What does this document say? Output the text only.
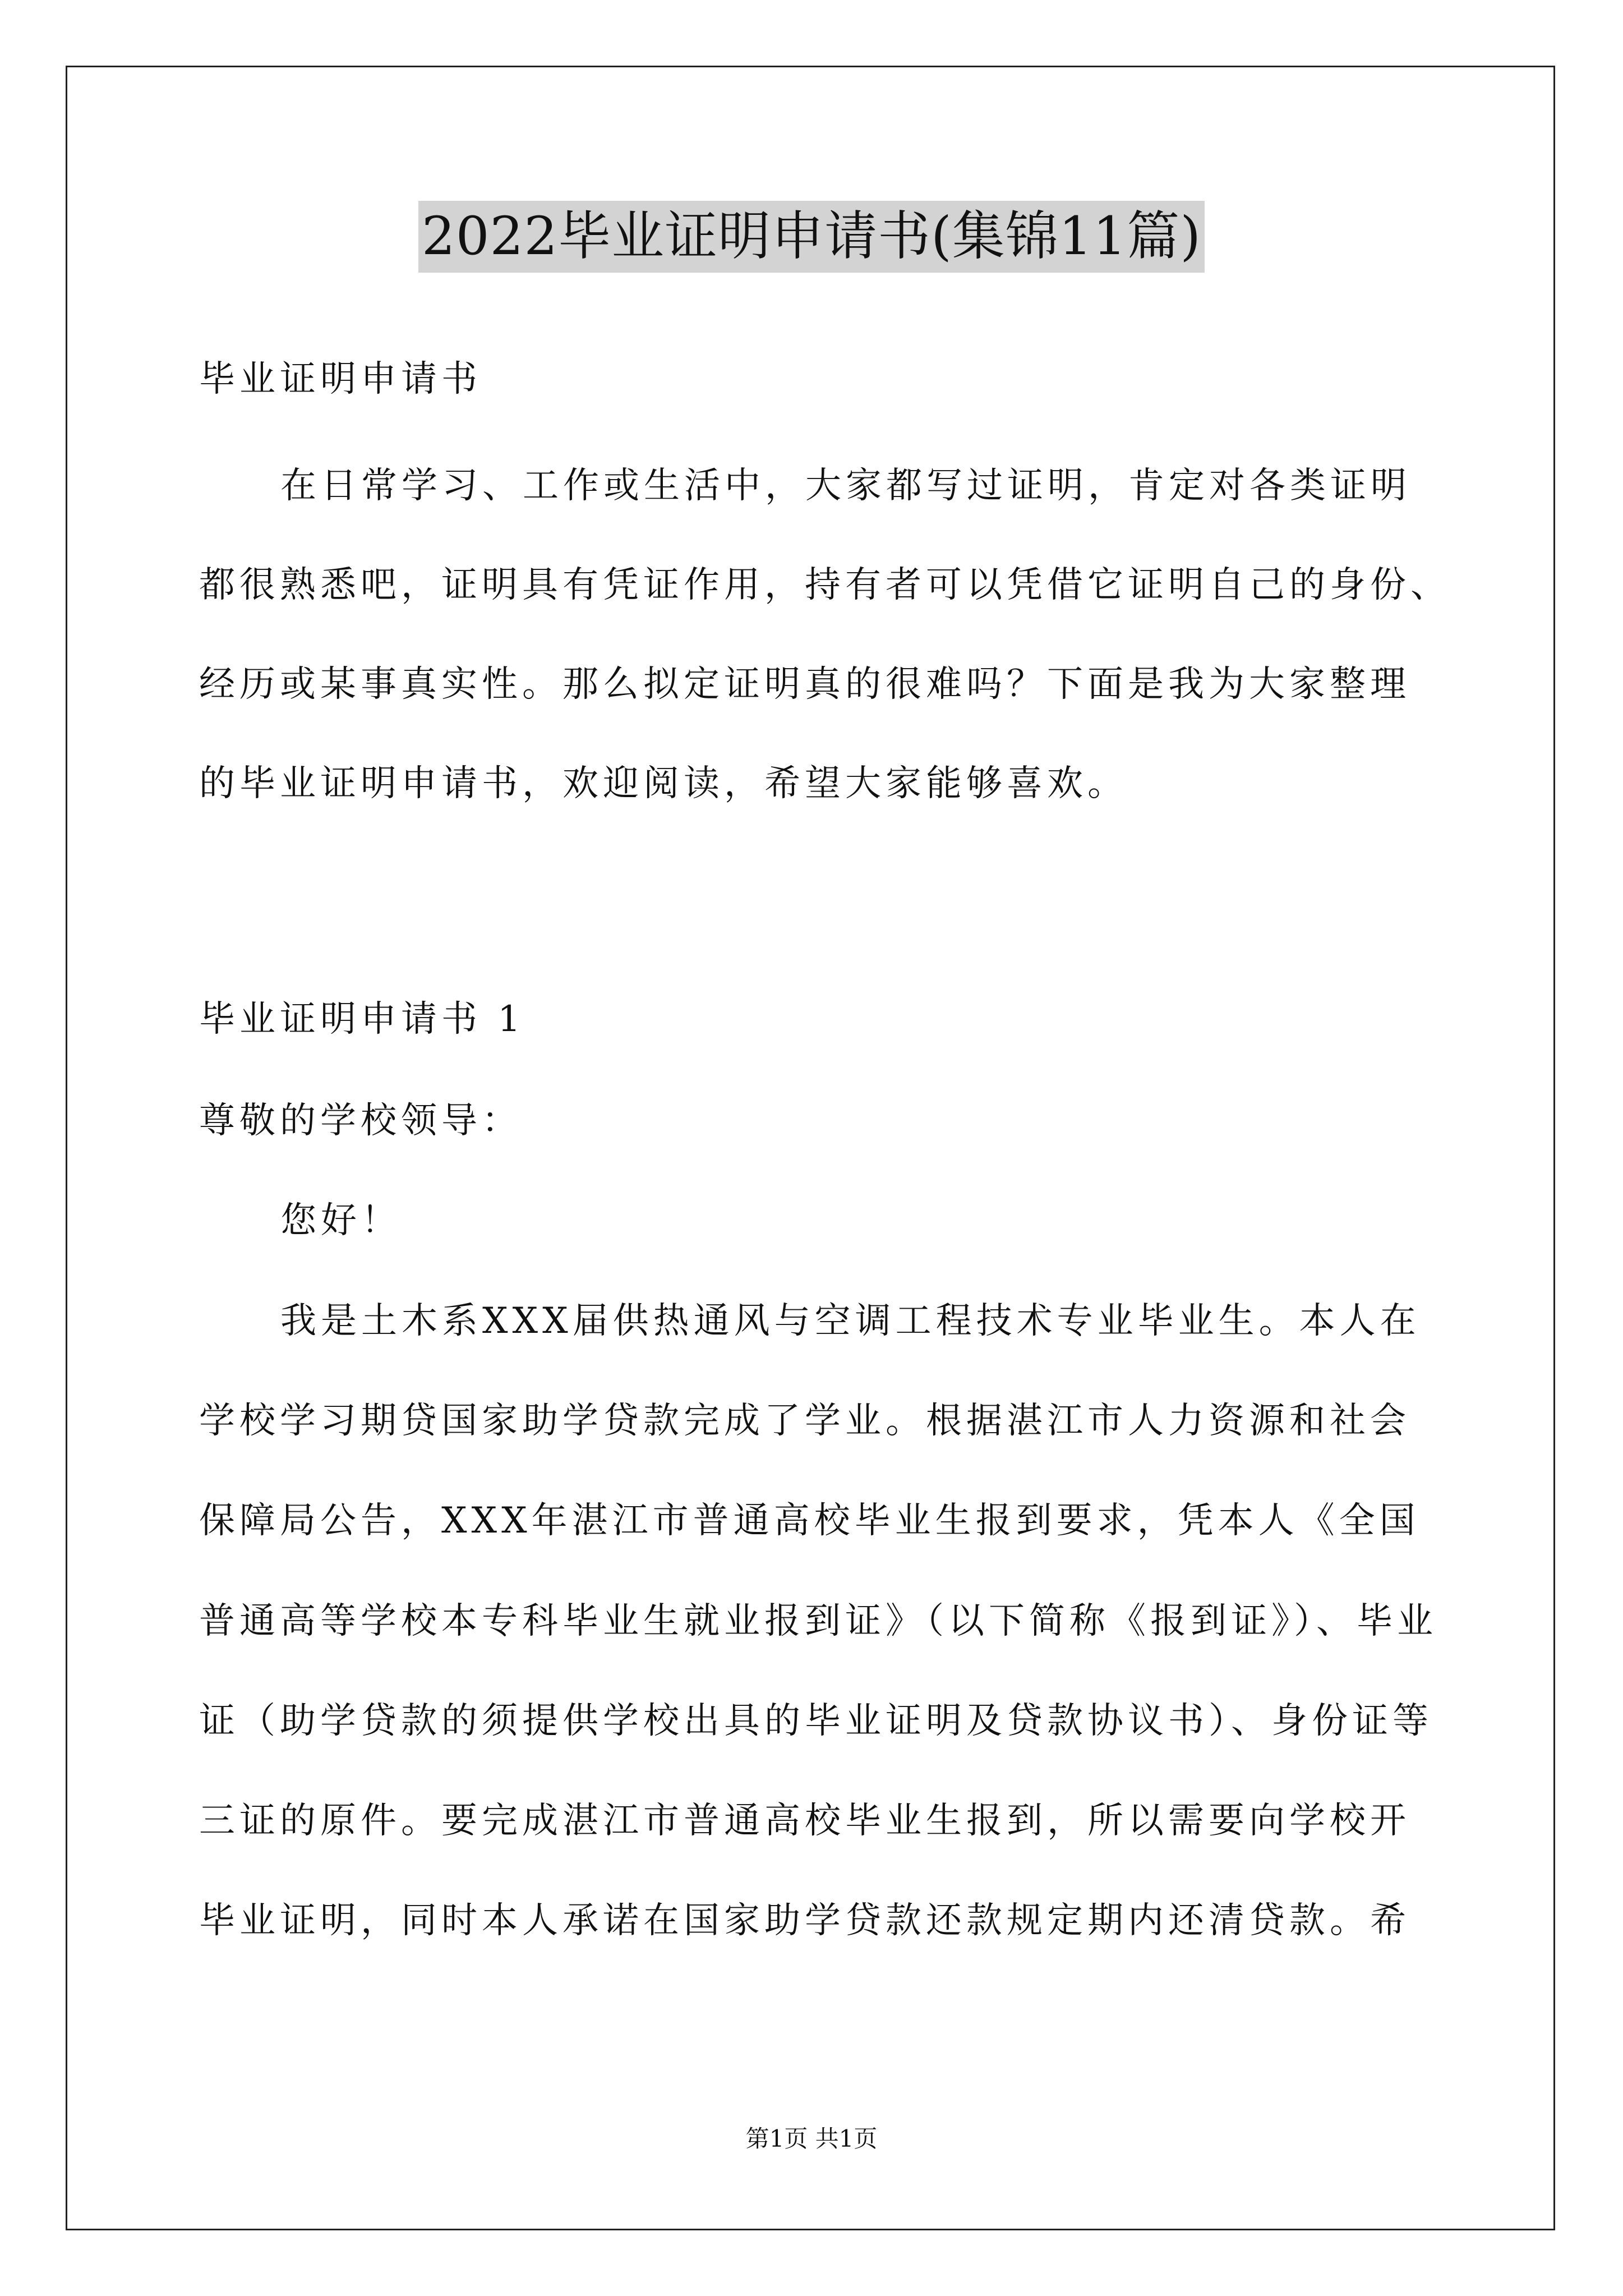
2022毕业证明申请书(集锦11篇)
毕业证明申请书
在日常学习、工作或生活中，大家都写过证明，肯定对各类证明
都很熟悉吧，证明具有凭证作用，持有者可以凭借它证明自己的身份、
经历或某事真实性。那么拟定证明真的很难吗？下面是我为大家整理
的毕业证明申请书，欢迎阅读，希望大家能够喜欢。
毕业证明申请书 1
尊敬的学校领导：
您好！
我是土木系XXX届供热通风与空调工程技术专业毕业生。本人在
学校学习期贷国家助学贷款完成了学业。根据湛江市人力资源和社会
保障局公告，XXX年湛江市普通高校毕业生报到要求，凭本人《全国
普通高等学校本专科毕业生就业报到证》（以下简称《报到证》）、毕业
证（助学贷款的须提供学校出具的毕业证明及贷款协议书）、身份证等
三证的原件。要完成湛江市普通高校毕业生报到，所以需要向学校开
毕业证明，同时本人承诺在国家助学贷款还款规定期内还清贷款。希
第1页 共1页
